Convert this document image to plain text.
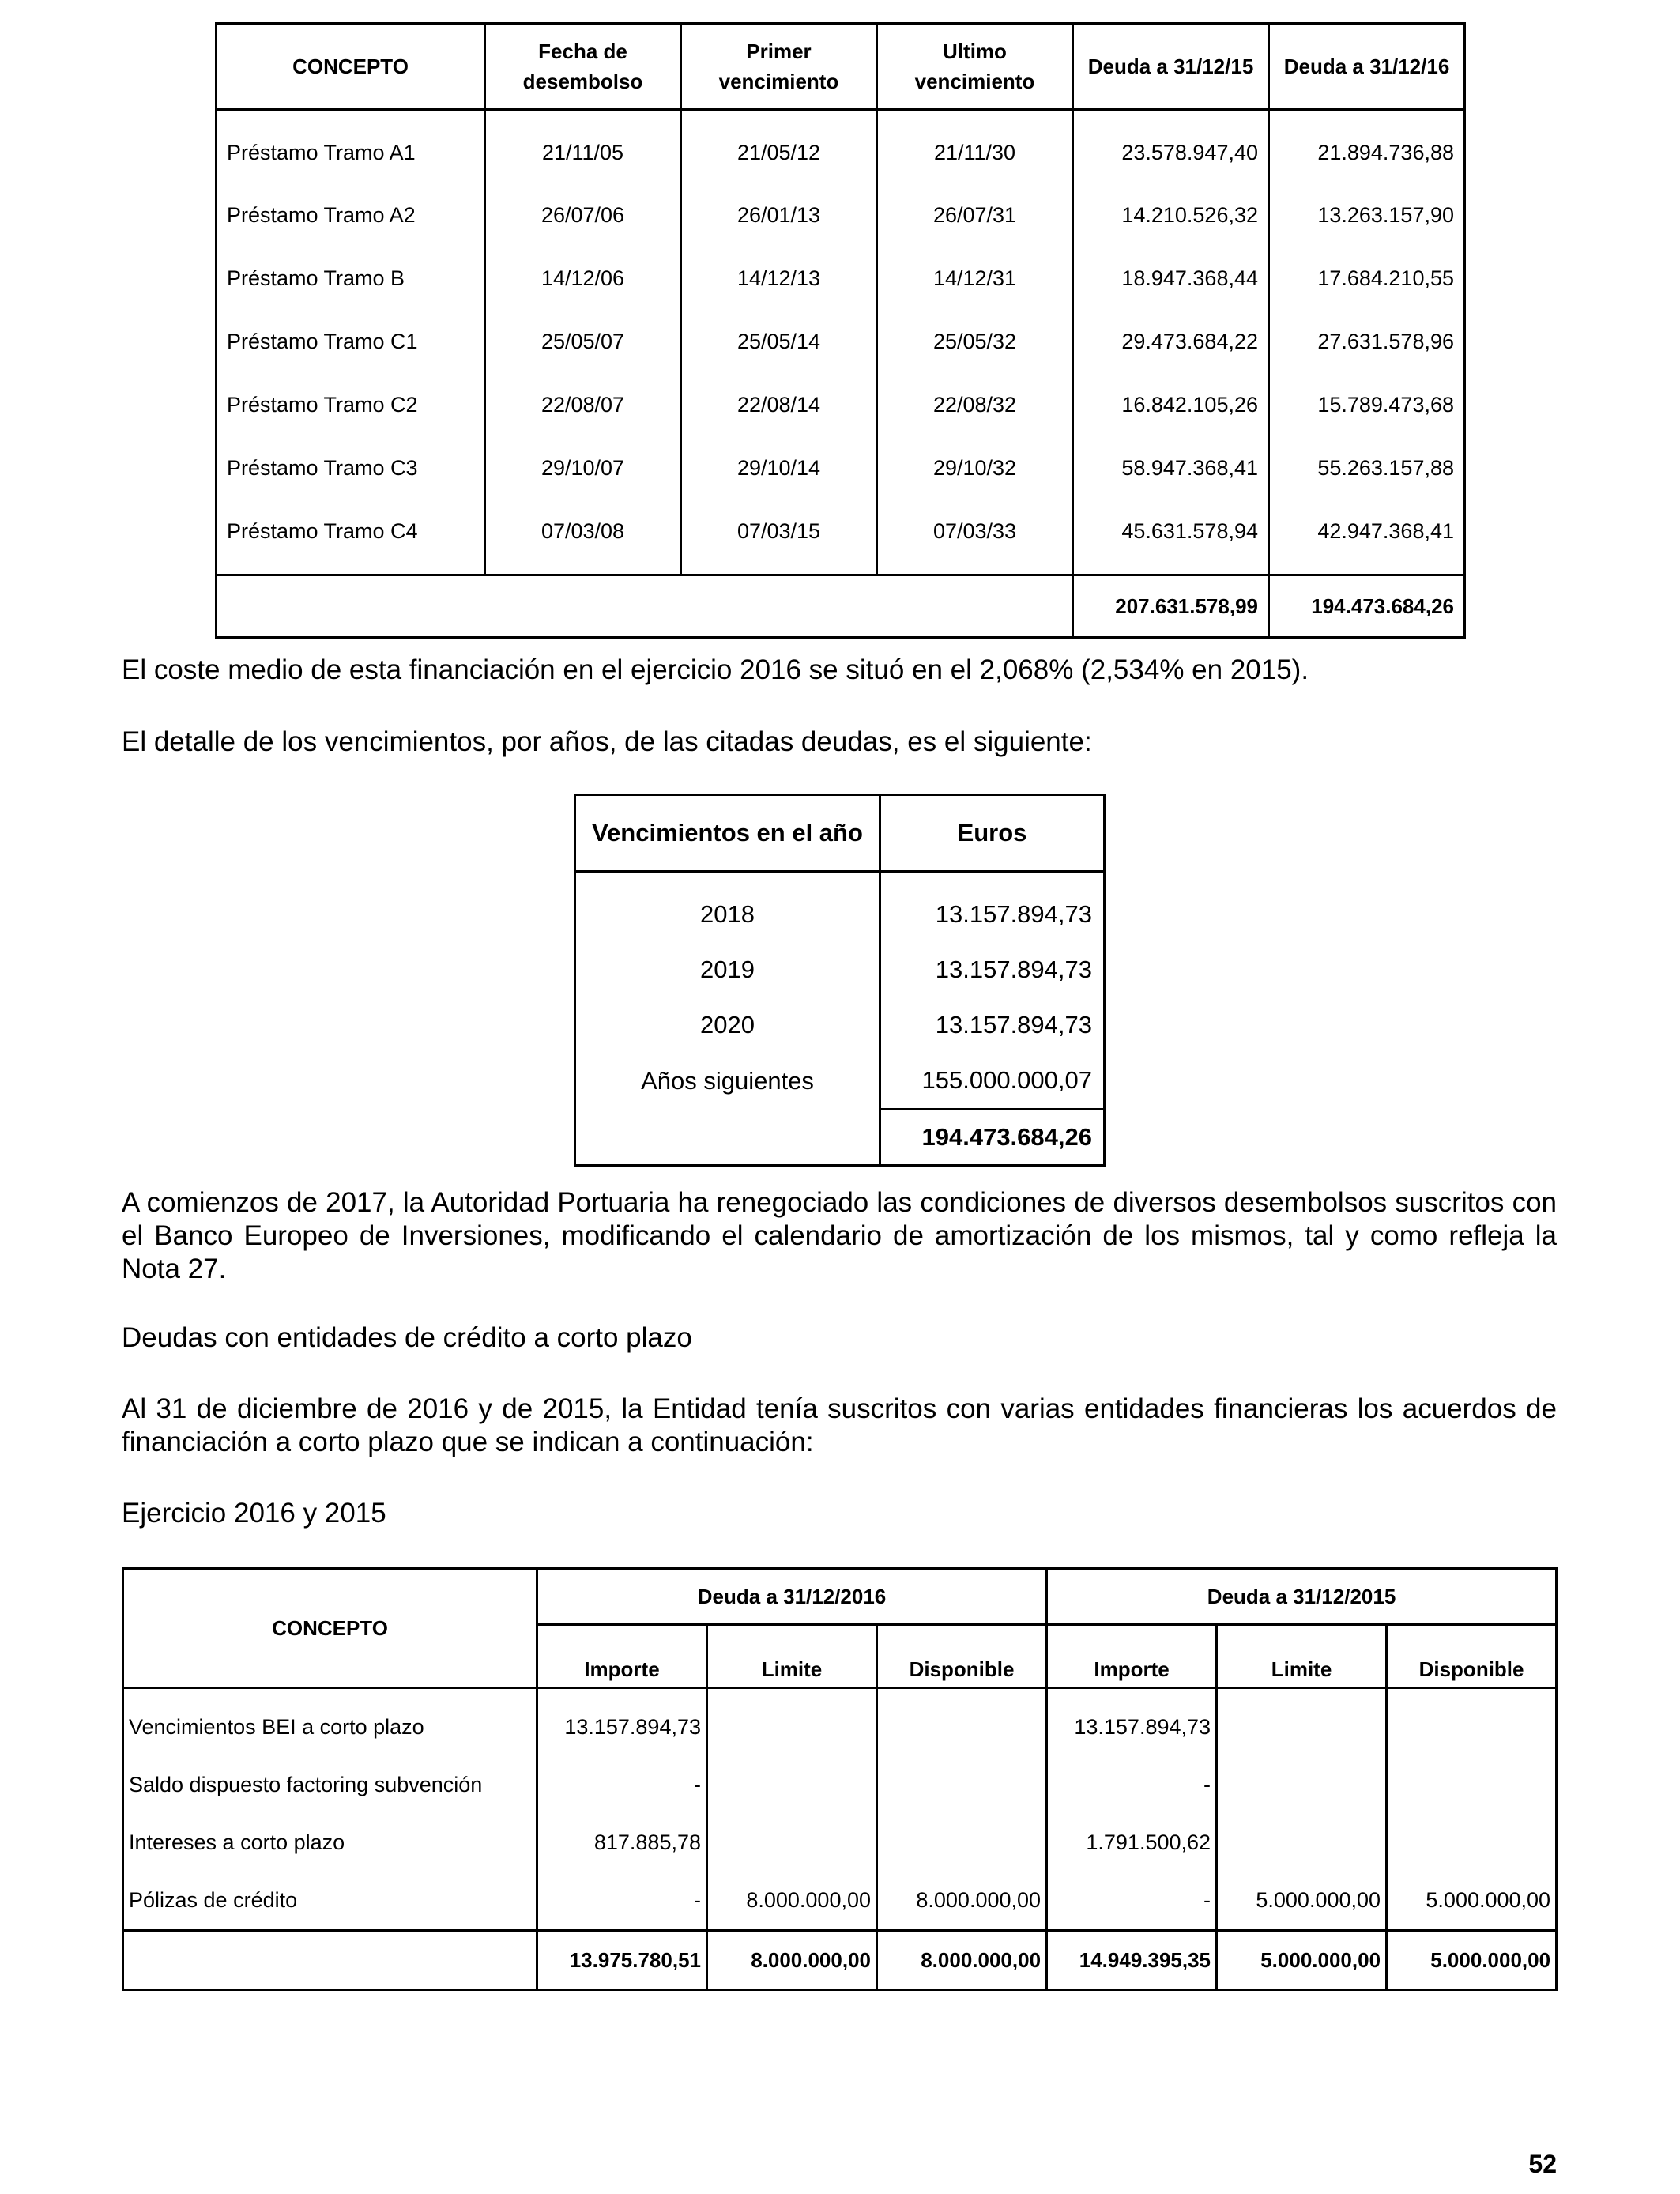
CONCEPTO	Fecha de desembolso	Primer vencimiento	Ultimo vencimiento	Deuda a 31/12/15	Deuda a 31/12/16
Préstamo Tramo A1	21/11/05	21/05/12	21/11/30	23.578.947,40	21.894.736,88
Préstamo Tramo A2	26/07/06	26/01/13	26/07/31	14.210.526,32	13.263.157,90
Préstamo Tramo B	14/12/06	14/12/13	14/12/31	18.947.368,44	17.684.210,55
Préstamo Tramo C1	25/05/07	25/05/14	25/05/32	29.473.684,22	27.631.578,96
Préstamo Tramo C2	22/08/07	22/08/14	22/08/32	16.842.105,26	15.789.473,68
Préstamo Tramo C3	29/10/07	29/10/14	29/10/32	58.947.368,41	55.263.157,88
Préstamo Tramo C4	07/03/08	07/03/15	07/03/33	45.631.578,94	42.947.368,41
				207.631.578,99	194.473.684,26
El coste medio de esta financiación en el ejercicio 2016 se situó en el 2,068% (2,534% en 2015).
El detalle de los vencimientos, por años, de las citadas deudas, es el siguiente:
Vencimientos en el año	Euros
2018	13.157.894,73
2019	13.157.894,73
2020	13.157.894,73
Años siguientes	155.000.000,07
	194.473.684,26
A comienzos de 2017, la Autoridad Portuaria ha renegociado las condiciones de diversos desembolsos suscritos con el Banco Europeo de Inversiones, modificando el calendario de amortización de los mismos, tal y como refleja la Nota 27.
Deudas con entidades de crédito a corto plazo
Al 31 de diciembre de 2016 y de 2015, la Entidad tenía suscritos con varias entidades financieras los acuerdos de financiación a corto plazo que se indican a continuación:
Ejercicio 2016 y 2015
CONCEPTO	Deuda a 31/12/2016			Deuda a 31/12/2015		
	Importe	Limite	Disponible	Importe	Limite	Disponible
Vencimientos BEI a corto plazo	13.157.894,73			13.157.894,73		
Saldo dispuesto factoring subvención	-			-		
Intereses a corto plazo	817.885,78			1.791.500,62		
Pólizas de crédito	-	8.000.000,00	8.000.000,00	-	5.000.000,00	5.000.000,00
	13.975.780,51	8.000.000,00	8.000.000,00	14.949.395,35	5.000.000,00	5.000.000,00
52
